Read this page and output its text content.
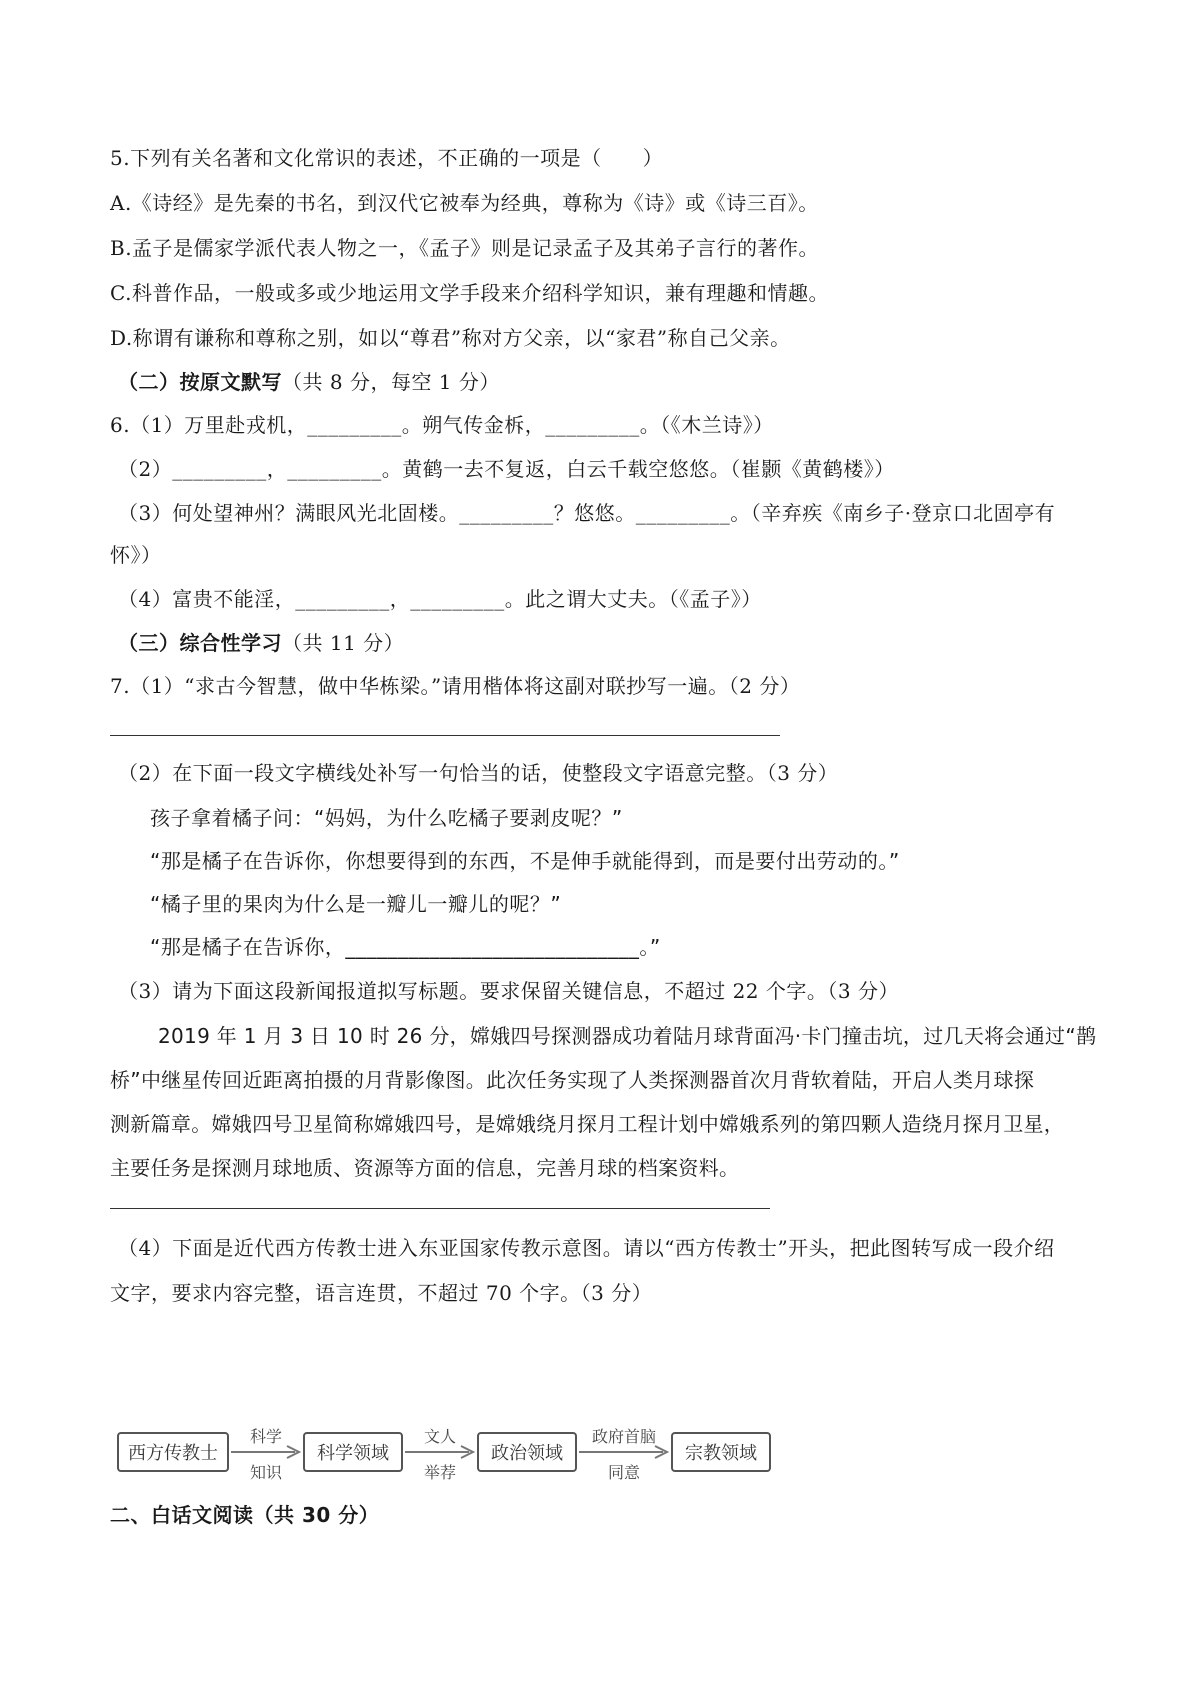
5.下列有关名著和文化常识的表述，不正确的一项是（　　）
A.《诗经》是先秦的书名，到汉代它被奉为经典，尊称为《诗》或《诗三百》。
B.孟子是儒家学派代表人物之一，《孟子》则是记录孟子及其弟子言行的著作。
C.科普作品，一般或多或少地运用文学手段来介绍科学知识，兼有理趣和情趣。
D.称谓有谦称和尊称之别，如以“尊君”称对方父亲，以“家君”称自己父亲。
（二）按原文默写（共 8 分，每空 1 分）
6.（1）万里赴戎机，_________。朔气传金柝，_________。（《木兰诗》）
（2）_________，_________。黄鹤一去不复返，白云千载空悠悠。（崔颢《黄鹤楼》）
（3）何处望神州？满眼风光北固楼。_________？悠悠。_________。（辛弃疾《南乡子·登京口北固亭有
怀》）
（4）富贵不能淫，_________，_________。此之谓大丈夫。（《孟子》）
（三）综合性学习（共 11 分）
7.（1）“求古今智慧，做中华栋梁。”请用楷体将这副对联抄写一遍。（2 分）
（2）在下面一段文字横线处补写一句恰当的话，使整段文字语意完整。（3 分）
孩子拿着橘子问：“妈妈，为什么吃橘子要剥皮呢？”
“那是橘子在告诉你，你想要得到的东西，不是伸手就能得到，而是要付出劳动的。”
“橘子里的果肉为什么是一瓣儿一瓣儿的呢？”
“那是橘子在告诉你，____________________________。”
（3）请为下面这段新闻报道拟写标题。要求保留关键信息，不超过 22 个字。（3 分）
2019 年 1 月 3 日 10 时 26 分，嫦娥四号探测器成功着陆月球背面冯·卡门撞击坑，过几天将会通过“鹊
桥”中继星传回近距离拍摄的月背影像图。此次任务实现了人类探测器首次月背软着陆，开启人类月球探
测新篇章。嫦娥四号卫星简称嫦娥四号，是嫦娥绕月探月工程计划中嫦娥系列的第四颗人造绕月探月卫星，
主要任务是探测月球地质、资源等方面的信息，完善月球的档案资料。
（4）下面是近代西方传教士进入东亚国家传教示意图。请以“西方传教士”开头，把此图转写成一段介绍
文字，要求内容完整，语言连贯，不超过 70 个字。（3 分）
西方传教士
科学
知识
科学领域
文人
举荐
政治领域
政府首脑
同意
宗教领域
二、白话文阅读（共 30 分）
